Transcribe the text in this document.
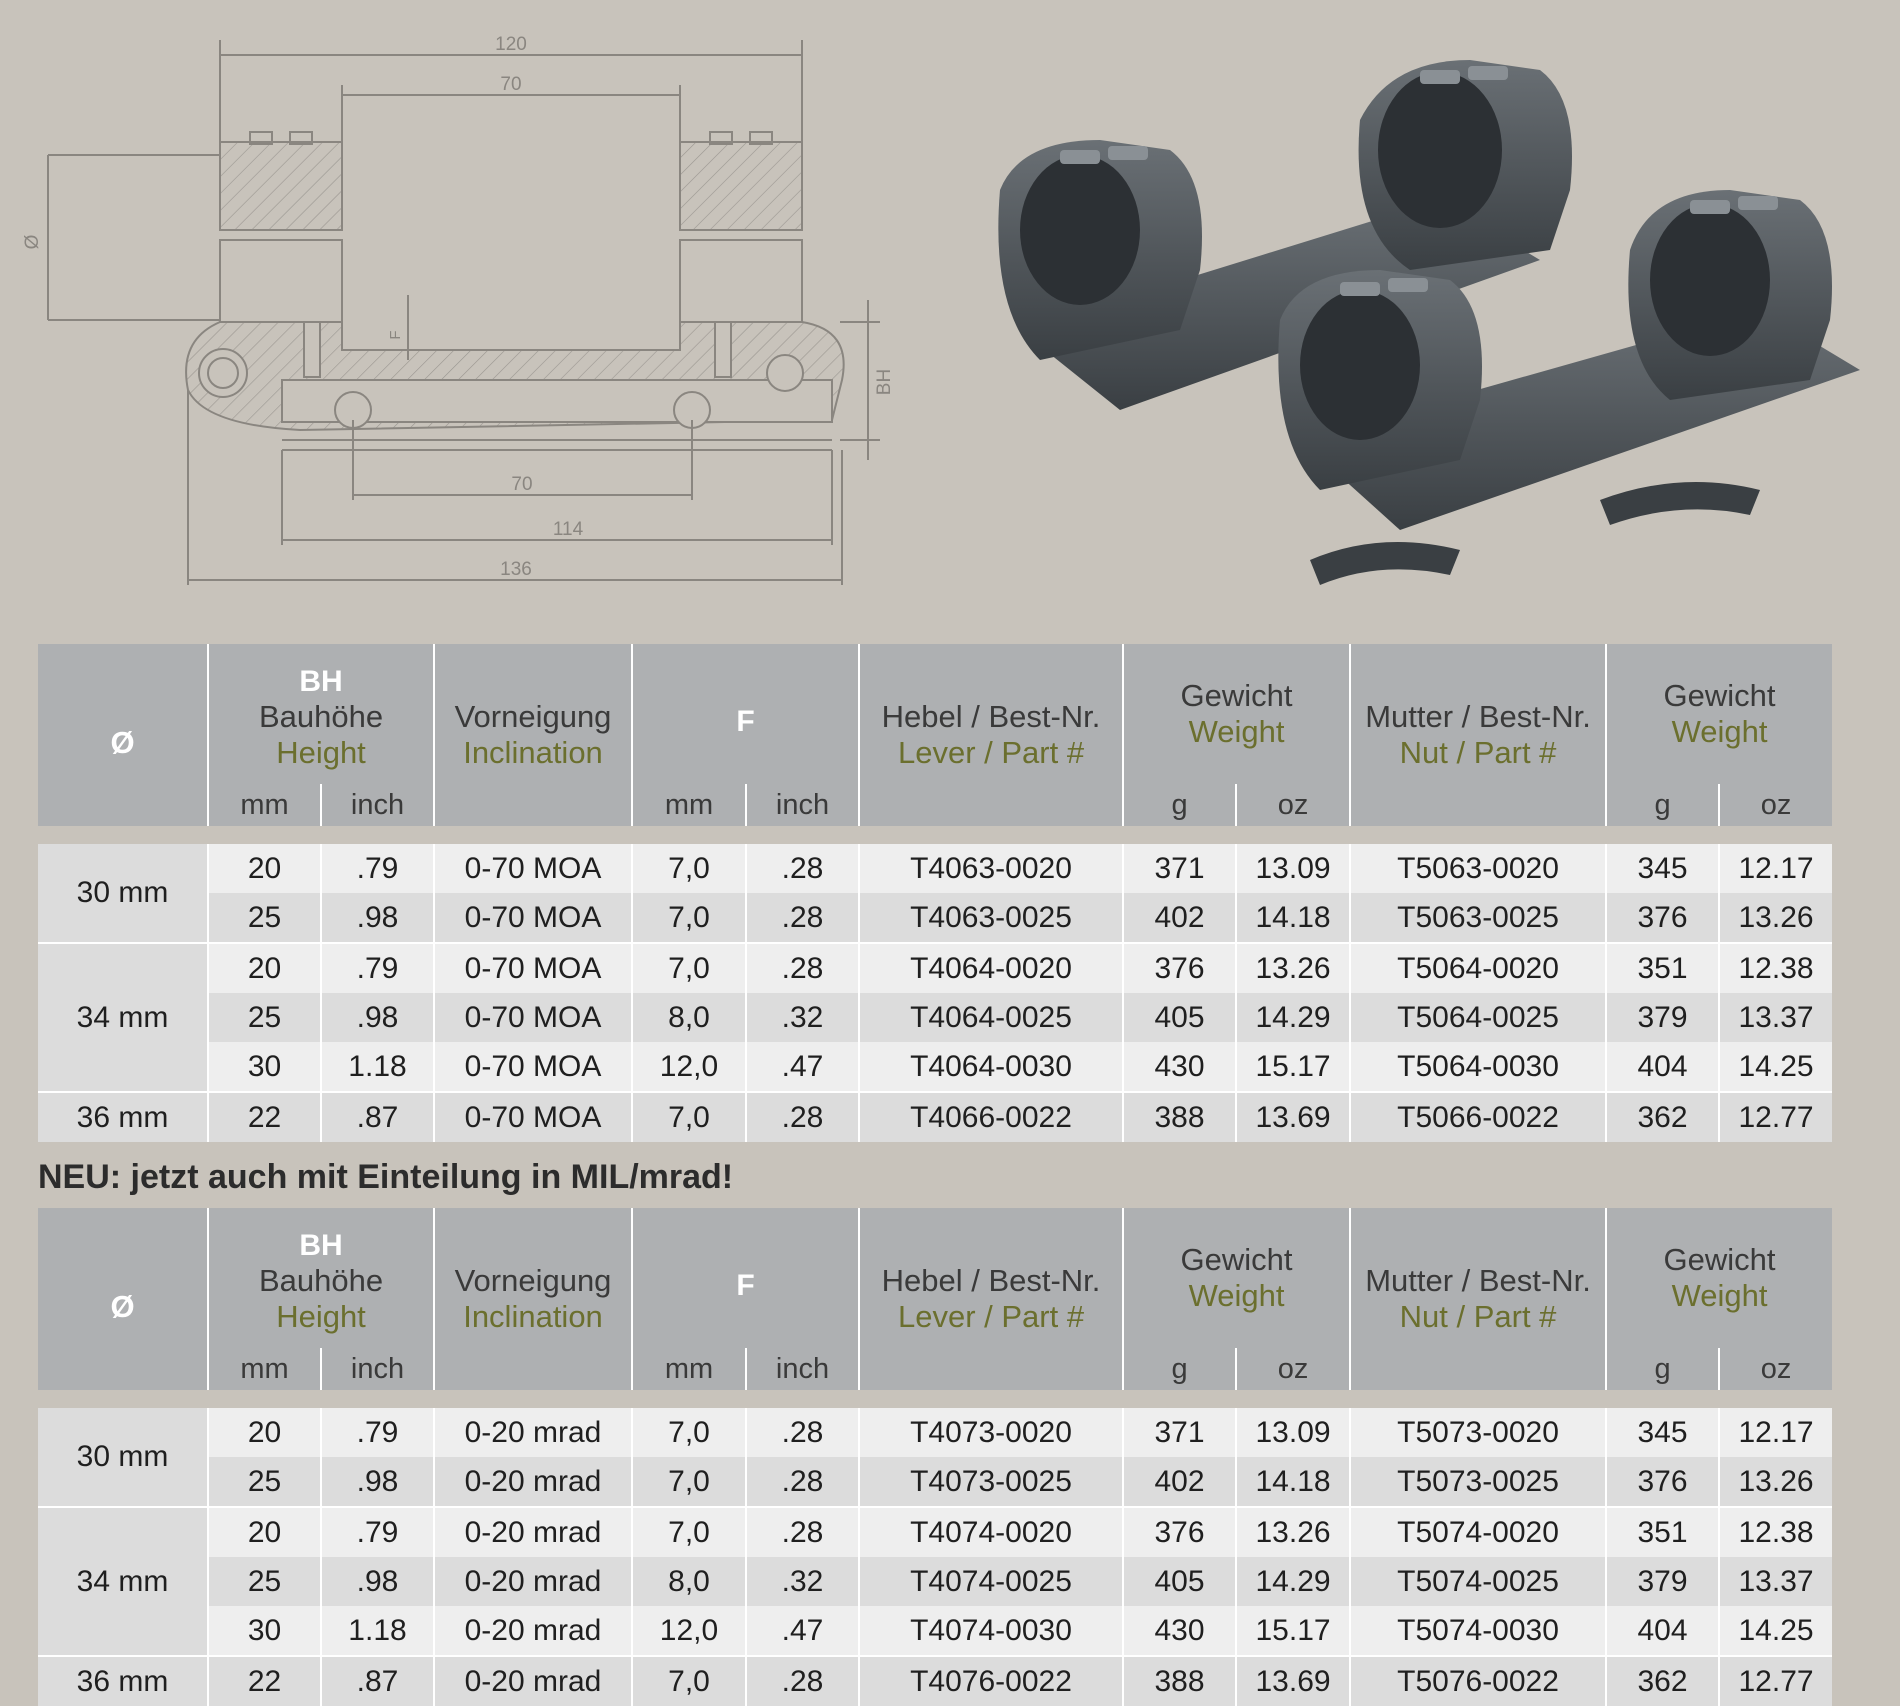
120
70
Ø
F
BH
70
114
136
Ø	BH
Bauhöhe
Height		Vorneigung
Inclination	F		Hebel / Best-Nr.
Lever / Part #	Gewicht
Weight		Mutter / Best-Nr.
Nut / Part #	Gewicht
Weight	

	mm	inch		mm	inch		g	oz		g	oz

30 mm	20	.79	0-70 MOA	7,0	.28	T4063-0020	371	13.09	T5063-0020	345	12.17
	25	.98	0-70 MOA	7,0	.28	T4063-0025	402	14.18	T5063-0025	376	13.26
34 mm	20	.79	0-70 MOA	7,0	.28	T4064-0020	376	13.26	T5064-0020	351	12.38
	25	.98	0-70 MOA	8,0	.32	T4064-0025	405	14.29	T5064-0025	379	13.37
	30	1.18	0-70 MOA	12,0	.47	T4064-0030	430	15.17	T5064-0030	404	14.25
36 mm	22	.87	0-70 MOA	7,0	.28	T4066-0022	388	13.69	T5066-0022	362	12.77
NEU: jetzt auch mit Einteilung in MIL/mrad!
Ø	BH
Bauhöhe
Height		Vorneigung
Inclination	F		Hebel / Best-Nr.
Lever / Part #	Gewicht
Weight		Mutter / Best-Nr.
Nut / Part #	Gewicht
Weight	

	mm	inch		mm	inch		g	oz		g	oz

30 mm	20	.79	0-20 mrad	7,0	.28	T4073-0020	371	13.09	T5073-0020	345	12.17
	25	.98	0-20 mrad	7,0	.28	T4073-0025	402	14.18	T5073-0025	376	13.26
34 mm	20	.79	0-20 mrad	7,0	.28	T4074-0020	376	13.26	T5074-0020	351	12.38
	25	.98	0-20 mrad	8,0	.32	T4074-0025	405	14.29	T5074-0025	379	13.37
	30	1.18	0-20 mrad	12,0	.47	T4074-0030	430	15.17	T5074-0030	404	14.25
36 mm	22	.87	0-20 mrad	7,0	.28	T4076-0022	388	13.69	T5076-0022	362	12.77
